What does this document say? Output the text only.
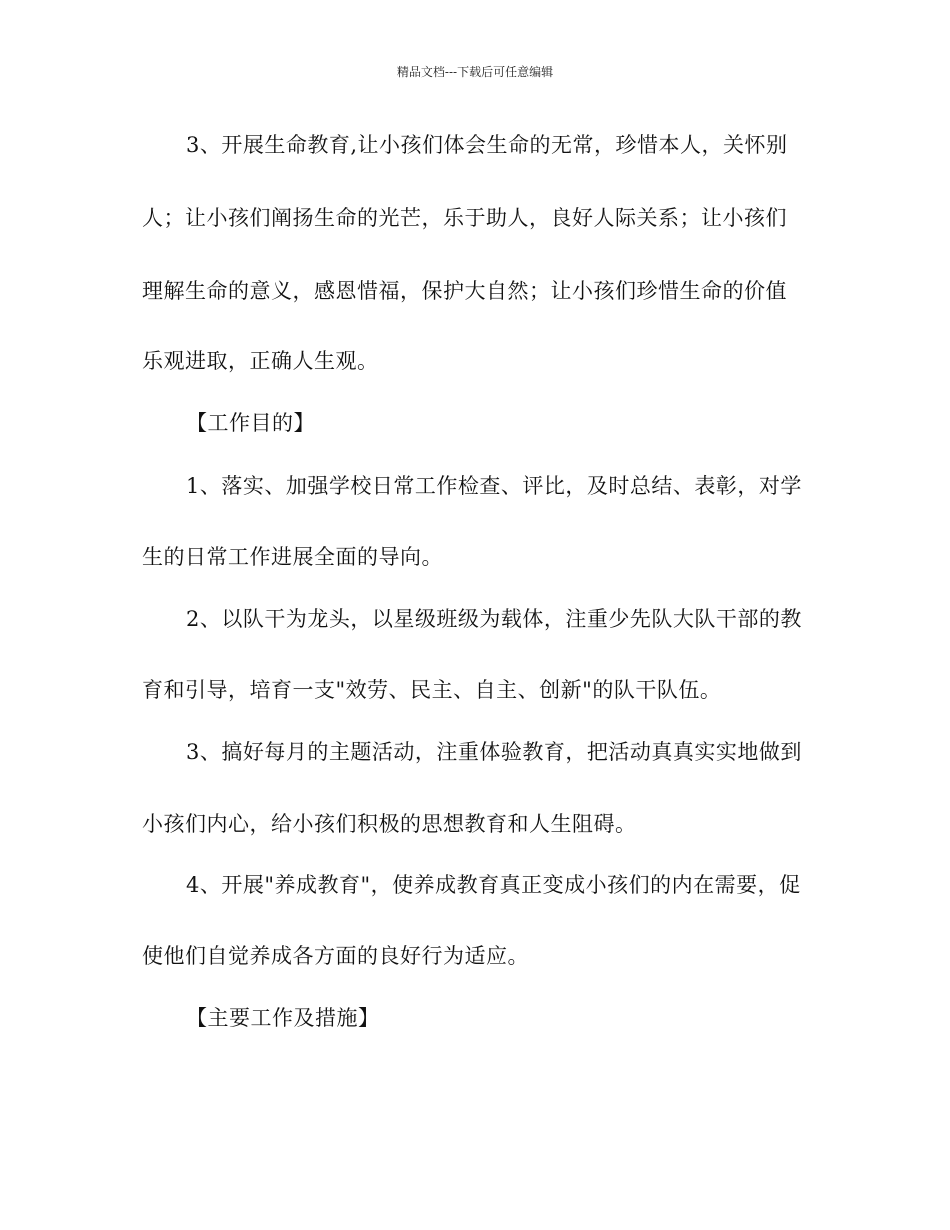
精品文档---下载后可任意编辑
3、开展生命教育,让小孩们体会生命的无常，珍惜本人，关怀别
人；让小孩们阐扬生命的光芒，乐于助人，良好人际关系；让小孩们
理解生命的意义，感恩惜福，保护大自然；让小孩们珍惜生命的价值
乐观进取，正确人生观。
【工作目的】
1、落实、加强学校日常工作检查、评比，及时总结、表彰，对学
生的日常工作进展全面的导向。
2、以队干为龙头，以星级班级为载体，注重少先队大队干部的教
育和引导，培育一支"效劳、民主、自主、创新"的队干队伍。
3、搞好每月的主题活动，注重体验教育，把活动真真实实地做到
小孩们内心，给小孩们积极的思想教育和人生阻碍。
4、开展"养成教育"，使养成教育真正变成小孩们的内在需要，促
使他们自觉养成各方面的良好行为适应。
【主要工作及措施】
